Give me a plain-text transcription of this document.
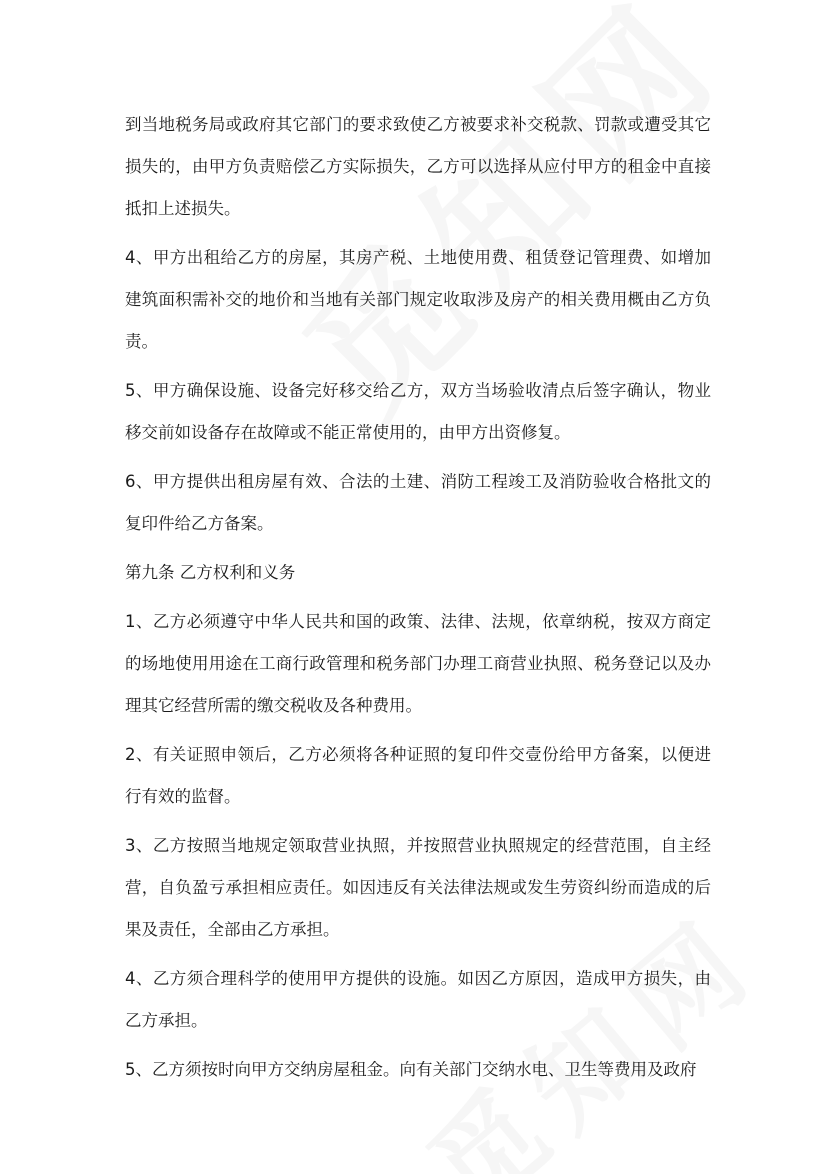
到当地税务局或政府其它部门的要求致使乙方被要求补交税款、罚款或遭受其它损失的，由甲方负责赔偿乙方实际损失，乙方可以选择从应付甲方的租金中直接抵扣上述损失。

4、甲方出租给乙方的房屋，其房产税、土地使用费、租赁登记管理费、如增加建筑面积需补交的地价和当地有关部门规定收取涉及房产的相关费用概由乙方负责。

5、甲方确保设施、设备完好移交给乙方，双方当场验收清点后签字确认，物业移交前如设备存在故障或不能正常使用的，由甲方出资修复。

6、甲方提供出租房屋有效、合法的土建、消防工程竣工及消防验收合格批文的复印件给乙方备案。

第九条 乙方权利和义务

1、乙方必须遵守中华人民共和国的政策、法律、法规，依章纳税，按双方商定的场地使用用途在工商行政管理和税务部门办理工商营业执照、税务登记以及办理其它经营所需的缴交税收及各种费用。

2、有关证照申领后，乙方必须将各种证照的复印件交壹份给甲方备案，以便进行有效的监督。

3、乙方按照当地规定领取营业执照，并按照营业执照规定的经营范围，自主经营，自负盈亏承担相应责任。如因违反有关法律法规或发生劳资纠纷而造成的后果及责任，全部由乙方承担。

4、乙方须合理科学的使用甲方提供的设施。如因乙方原因，造成甲方损失，由乙方承担。

5、乙方须按时向甲方交纳房屋租金。向有关部门交纳水电、卫生等费用及政府
